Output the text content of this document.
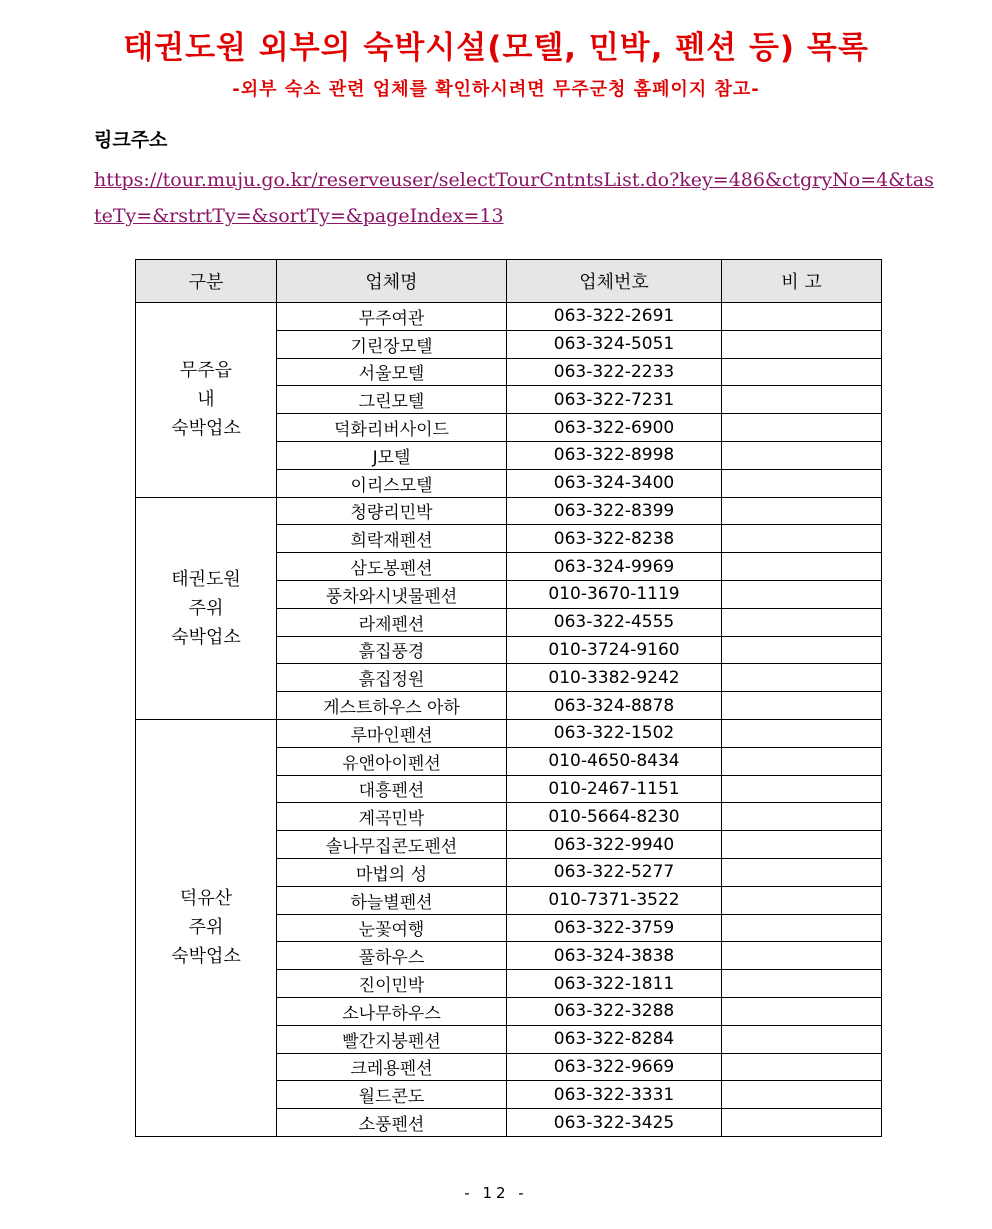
태권도원 외부의 숙박시설(모텔, 민박, 펜션 등) 목록
-외부 숙소 관련 업체를 확인하시려면 무주군청 홈페이지 참고-
링크주소
https://tour.muju.go.kr/reserveuser/selectTourCntntsList.do?key=486&ctgryNo=4&tasteTy=&rstrtTy=&sortTy=&pageIndex=13
구분	업체명	업체번호	비 고

무주읍
내
숙박업소	무주여관	063-322-2691	
	기린장모텔	063-324-5051	
	서울모텔	063-322-2233	
	그린모텔	063-322-7231	
	덕화리버사이드	063-322-6900	
	J모텔	063-322-8998	
	이리스모텔	063-324-3400	

태권도원
주위
숙박업소	청량리민박	063-322-8399	
	희락재펜션	063-322-8238	
	삼도봉펜션	063-324-9969	
	풍차와시냇물펜션	010-3670-1119	
	라제펜션	063-322-4555	
	흙집풍경	010-3724-9160	
	흙집정원	010-3382-9242	
	게스트하우스 아하	063-324-8878	

덕유산
주위
숙박업소	루마인펜션	063-322-1502	
	유앤아이펜션	010-4650-8434	
	대흥펜션	010-2467-1151	
	계곡민박	010-5664-8230	
	솔나무집콘도펜션	063-322-9940	
	마법의 성	063-322-5277	
	하늘별펜션	010-7371-3522	
	눈꽃여행	063-322-3759	
	풀하우스	063-324-3838	
	진이민박	063-322-1811	
	소나무하우스	063-322-3288	
	빨간지붕펜션	063-322-8284	
	크레용펜션	063-322-9669	
	월드콘도	063-322-3331	
	소풍펜션	063-322-3425	
- 12 -
